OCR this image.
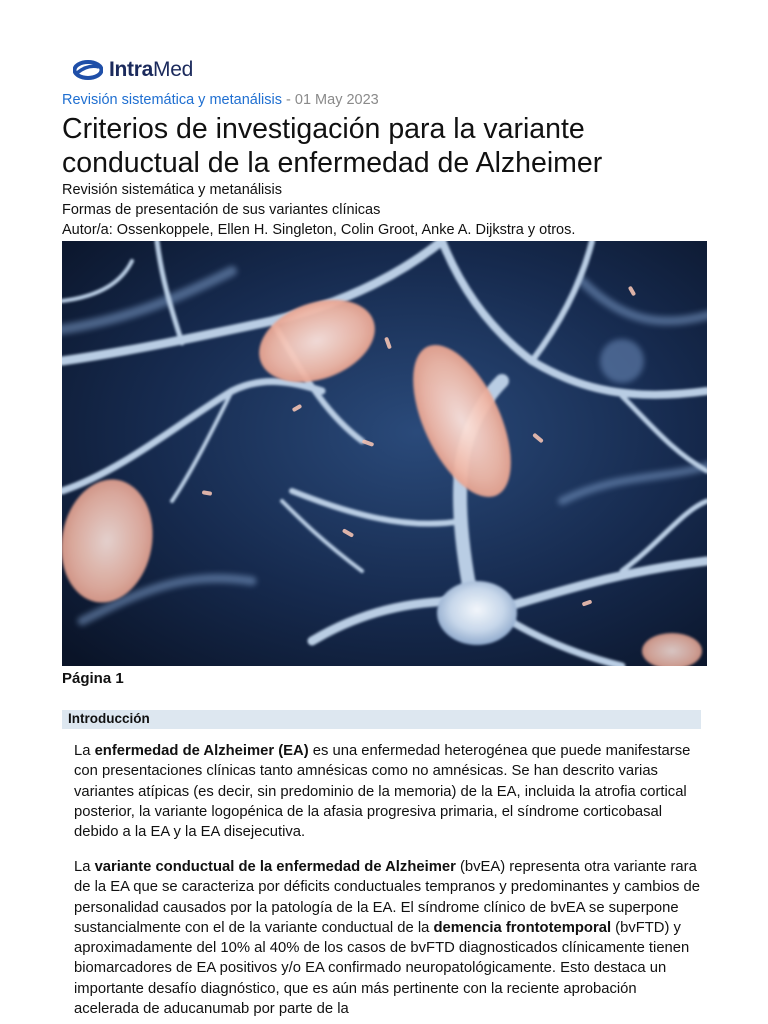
IntraMed
Revisión sistemática y metanálisis - 01 May 2023
Criterios de investigación para la variante conductual de la enfermedad de Alzheimer
Revisión sistemática y metanálisis
Formas de presentación de sus variantes clínicas
Autor/a: Ossenkoppele, Ellen H. Singleton, Colin Groot, Anke A. Dijkstra y otros.
Página 1
Introducción

La enfermedad de Alzheimer (EA) es una enfermedad heterogénea que puede manifestarse con presentaciones clínicas tanto amnésicas como no amnésicas. Se han descrito varias variantes atípicas (es decir, sin predominio de la memoria) de la EA, incluida la atrofia cortical posterior, la variante logopénica de la afasia progresiva primaria, el síndrome corticobasal debido a la EA y la EA disejecutiva.

La variante conductual de la enfermedad de Alzheimer (bvEA) representa otra variante rara de la EA que se caracteriza por déficits conductuales tempranos y predominantes y cambios de personalidad causados por la patología de la EA. El síndrome clínico de bvEA se superpone sustancialmente con el de la variante conductual de la demencia frontotemporal (bvFTD) y aproximadamente del 10% al 40% de los casos de bvFTD diagnosticados clínicamente tienen biomarcadores de EA positivos y/o EA confirmado neuropatológicamente. Esto destaca un importante desafío diagnóstico, que es aún más pertinente con la reciente aprobación acelerada de aducanumab por parte de la
